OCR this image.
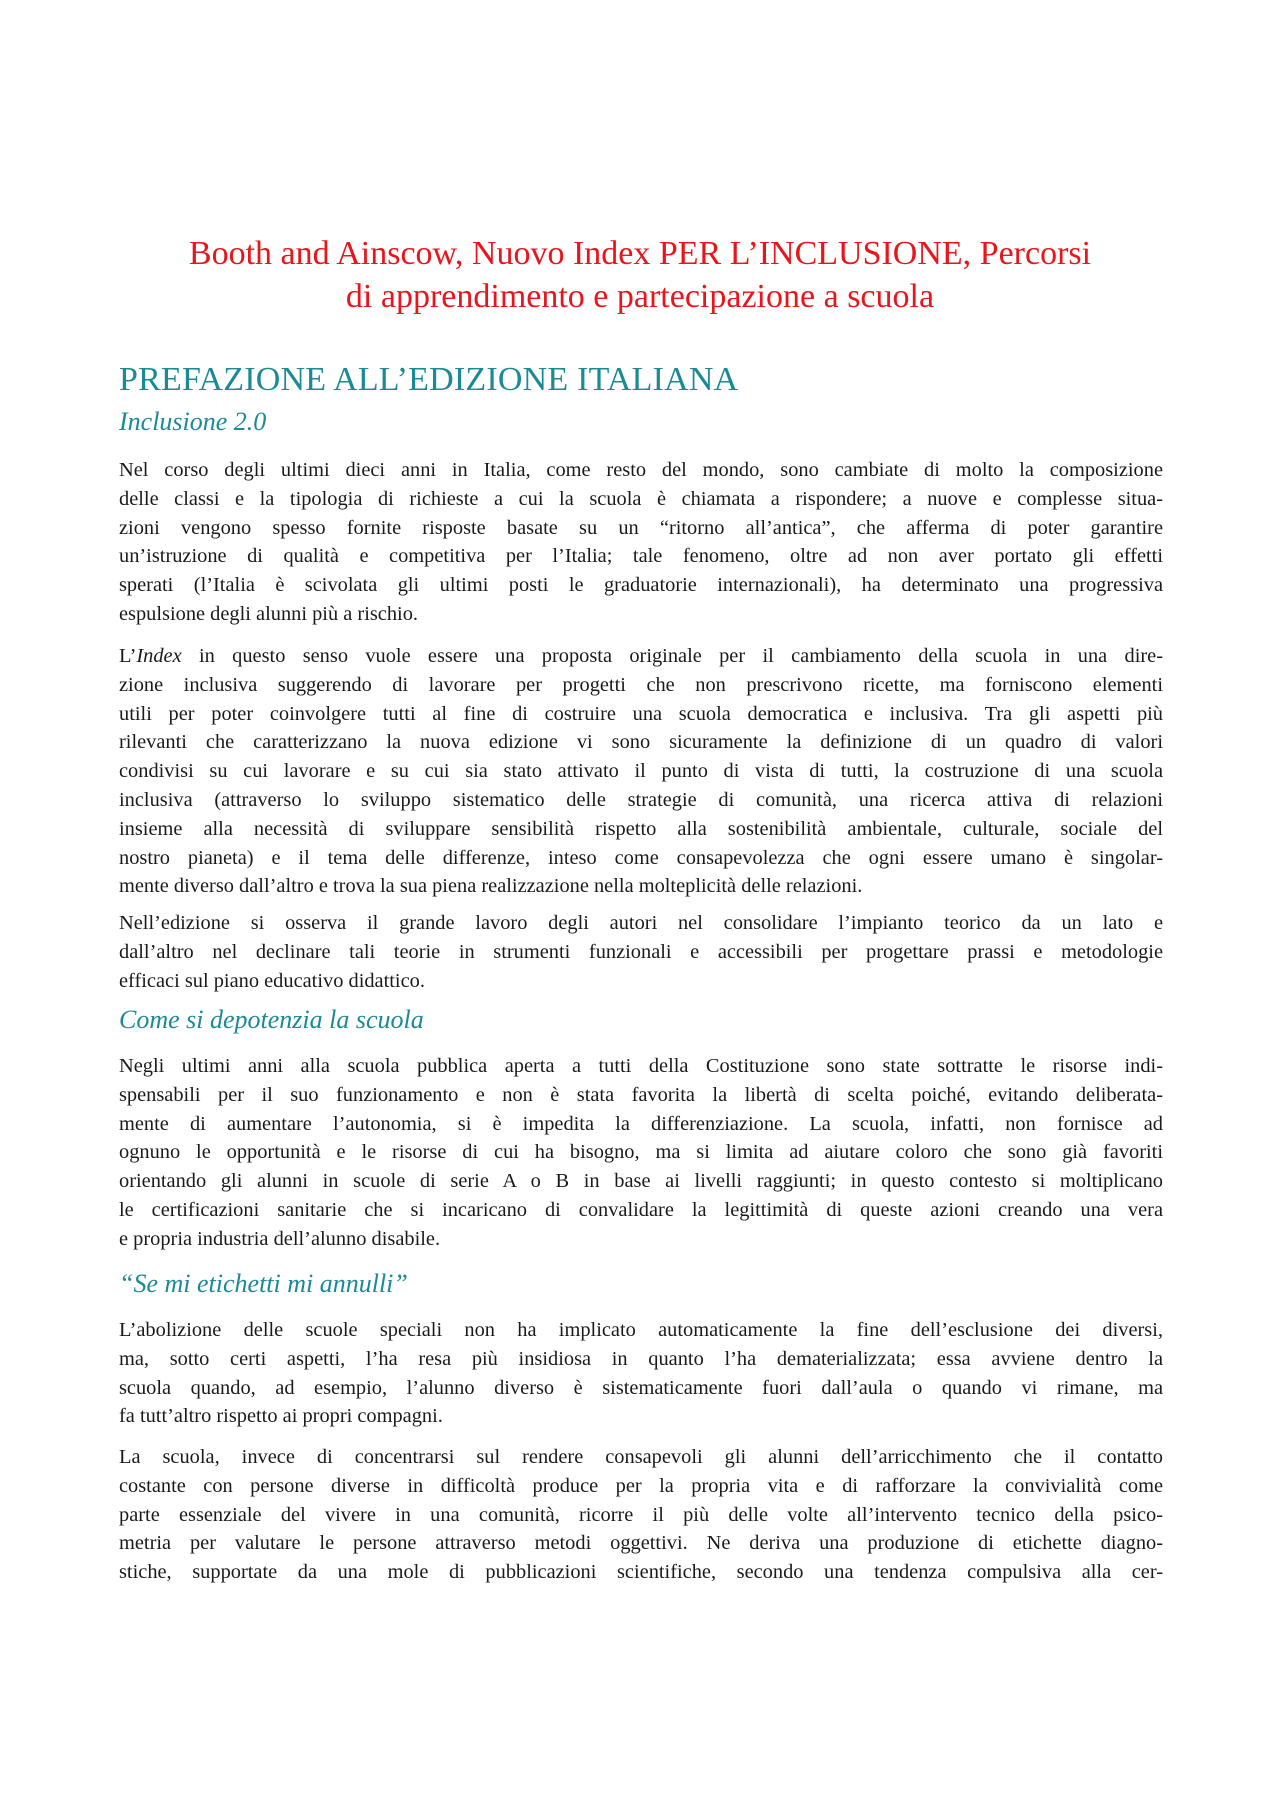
Booth and Ainscow, Nuovo Index PER L’INCLUSIONE, Percorsi
di apprendimento e partecipazione a scuola
PREFAZIONE ALL’EDIZIONE ITALIANA
Inclusione 2.0
Nel corso degli ultimi dieci anni in Italia, come resto del mondo, sono cambiate di molto la composizione
delle classi e la tipologia di richieste a cui la scuola è chiamata a rispondere; a nuove e complesse situa-
zioni vengono spesso fornite risposte basate su un “ritorno all’antica”, che afferma di poter garantire
un’istruzione di qualità e competitiva per l’Italia; tale fenomeno, oltre ad non aver portato gli effetti
sperati (l’Italia è scivolata gli ultimi posti le graduatorie internazionali), ha determinato una progressiva
espulsione degli alunni più a rischio.
L’Index in questo senso vuole essere una proposta originale per il cambiamento della scuola in una dire-
zione inclusiva suggerendo di lavorare per progetti che non prescrivono ricette, ma forniscono elementi
utili per poter coinvolgere tutti al fine di costruire una scuola democratica e inclusiva. Tra gli aspetti più
rilevanti che caratterizzano la nuova edizione vi sono sicuramente la definizione di un quadro di valori
condivisi su cui lavorare e su cui sia stato attivato il punto di vista di tutti, la costruzione di una scuola
inclusiva (attraverso lo sviluppo sistematico delle strategie di comunità, una ricerca attiva di relazioni
insieme alla necessità di sviluppare sensibilità rispetto alla sostenibilità ambientale, culturale, sociale del
nostro pianeta) e il tema delle differenze, inteso come consapevolezza che ogni essere umano è singolar-
mente diverso dall’altro e trova la sua piena realizzazione nella molteplicità delle relazioni.
Nell’edizione si osserva il grande lavoro degli autori nel consolidare l’impianto teorico da un lato e
dall’altro nel declinare tali teorie in strumenti funzionali e accessibili per progettare prassi e metodologie
efficaci sul piano educativo didattico.
Come si depotenzia la scuola
Negli ultimi anni alla scuola pubblica aperta a tutti della Costituzione sono state sottratte le risorse indi-
spensabili per il suo funzionamento e non è stata favorita la libertà di scelta poiché, evitando deliberata-
mente di aumentare l’autonomia, si è impedita la differenziazione. La scuola, infatti, non fornisce ad
ognuno le opportunità e le risorse di cui ha bisogno, ma si limita ad aiutare coloro che sono già favoriti
orientando gli alunni in scuole di serie A o B in base ai livelli raggiunti; in questo contesto si moltiplicano
le certificazioni sanitarie che si incaricano di convalidare la legittimità di queste azioni creando una vera
e propria industria dell’alunno disabile.
“Se mi etichetti mi annulli”
L’abolizione delle scuole speciali non ha implicato automaticamente la fine dell’esclusione dei diversi,
ma, sotto certi aspetti, l’ha resa più insidiosa in quanto l’ha dematerializzata; essa avviene dentro la
scuola quando, ad esempio, l’alunno diverso è sistematicamente fuori dall’aula o quando vi rimane, ma
fa tutt’altro rispetto ai propri compagni.
La scuola, invece di concentrarsi sul rendere consapevoli gli alunni dell’arricchimento che il contatto
costante con persone diverse in difficoltà produce per la propria vita e di rafforzare la convivialità come
parte essenziale del vivere in una comunità, ricorre il più delle volte all’intervento tecnico della psico-
metria per valutare le persone attraverso metodi oggettivi. Ne deriva una produzione di etichette diagno-
stiche, supportate da una mole di pubblicazioni scientifiche, secondo una tendenza compulsiva alla cer-
